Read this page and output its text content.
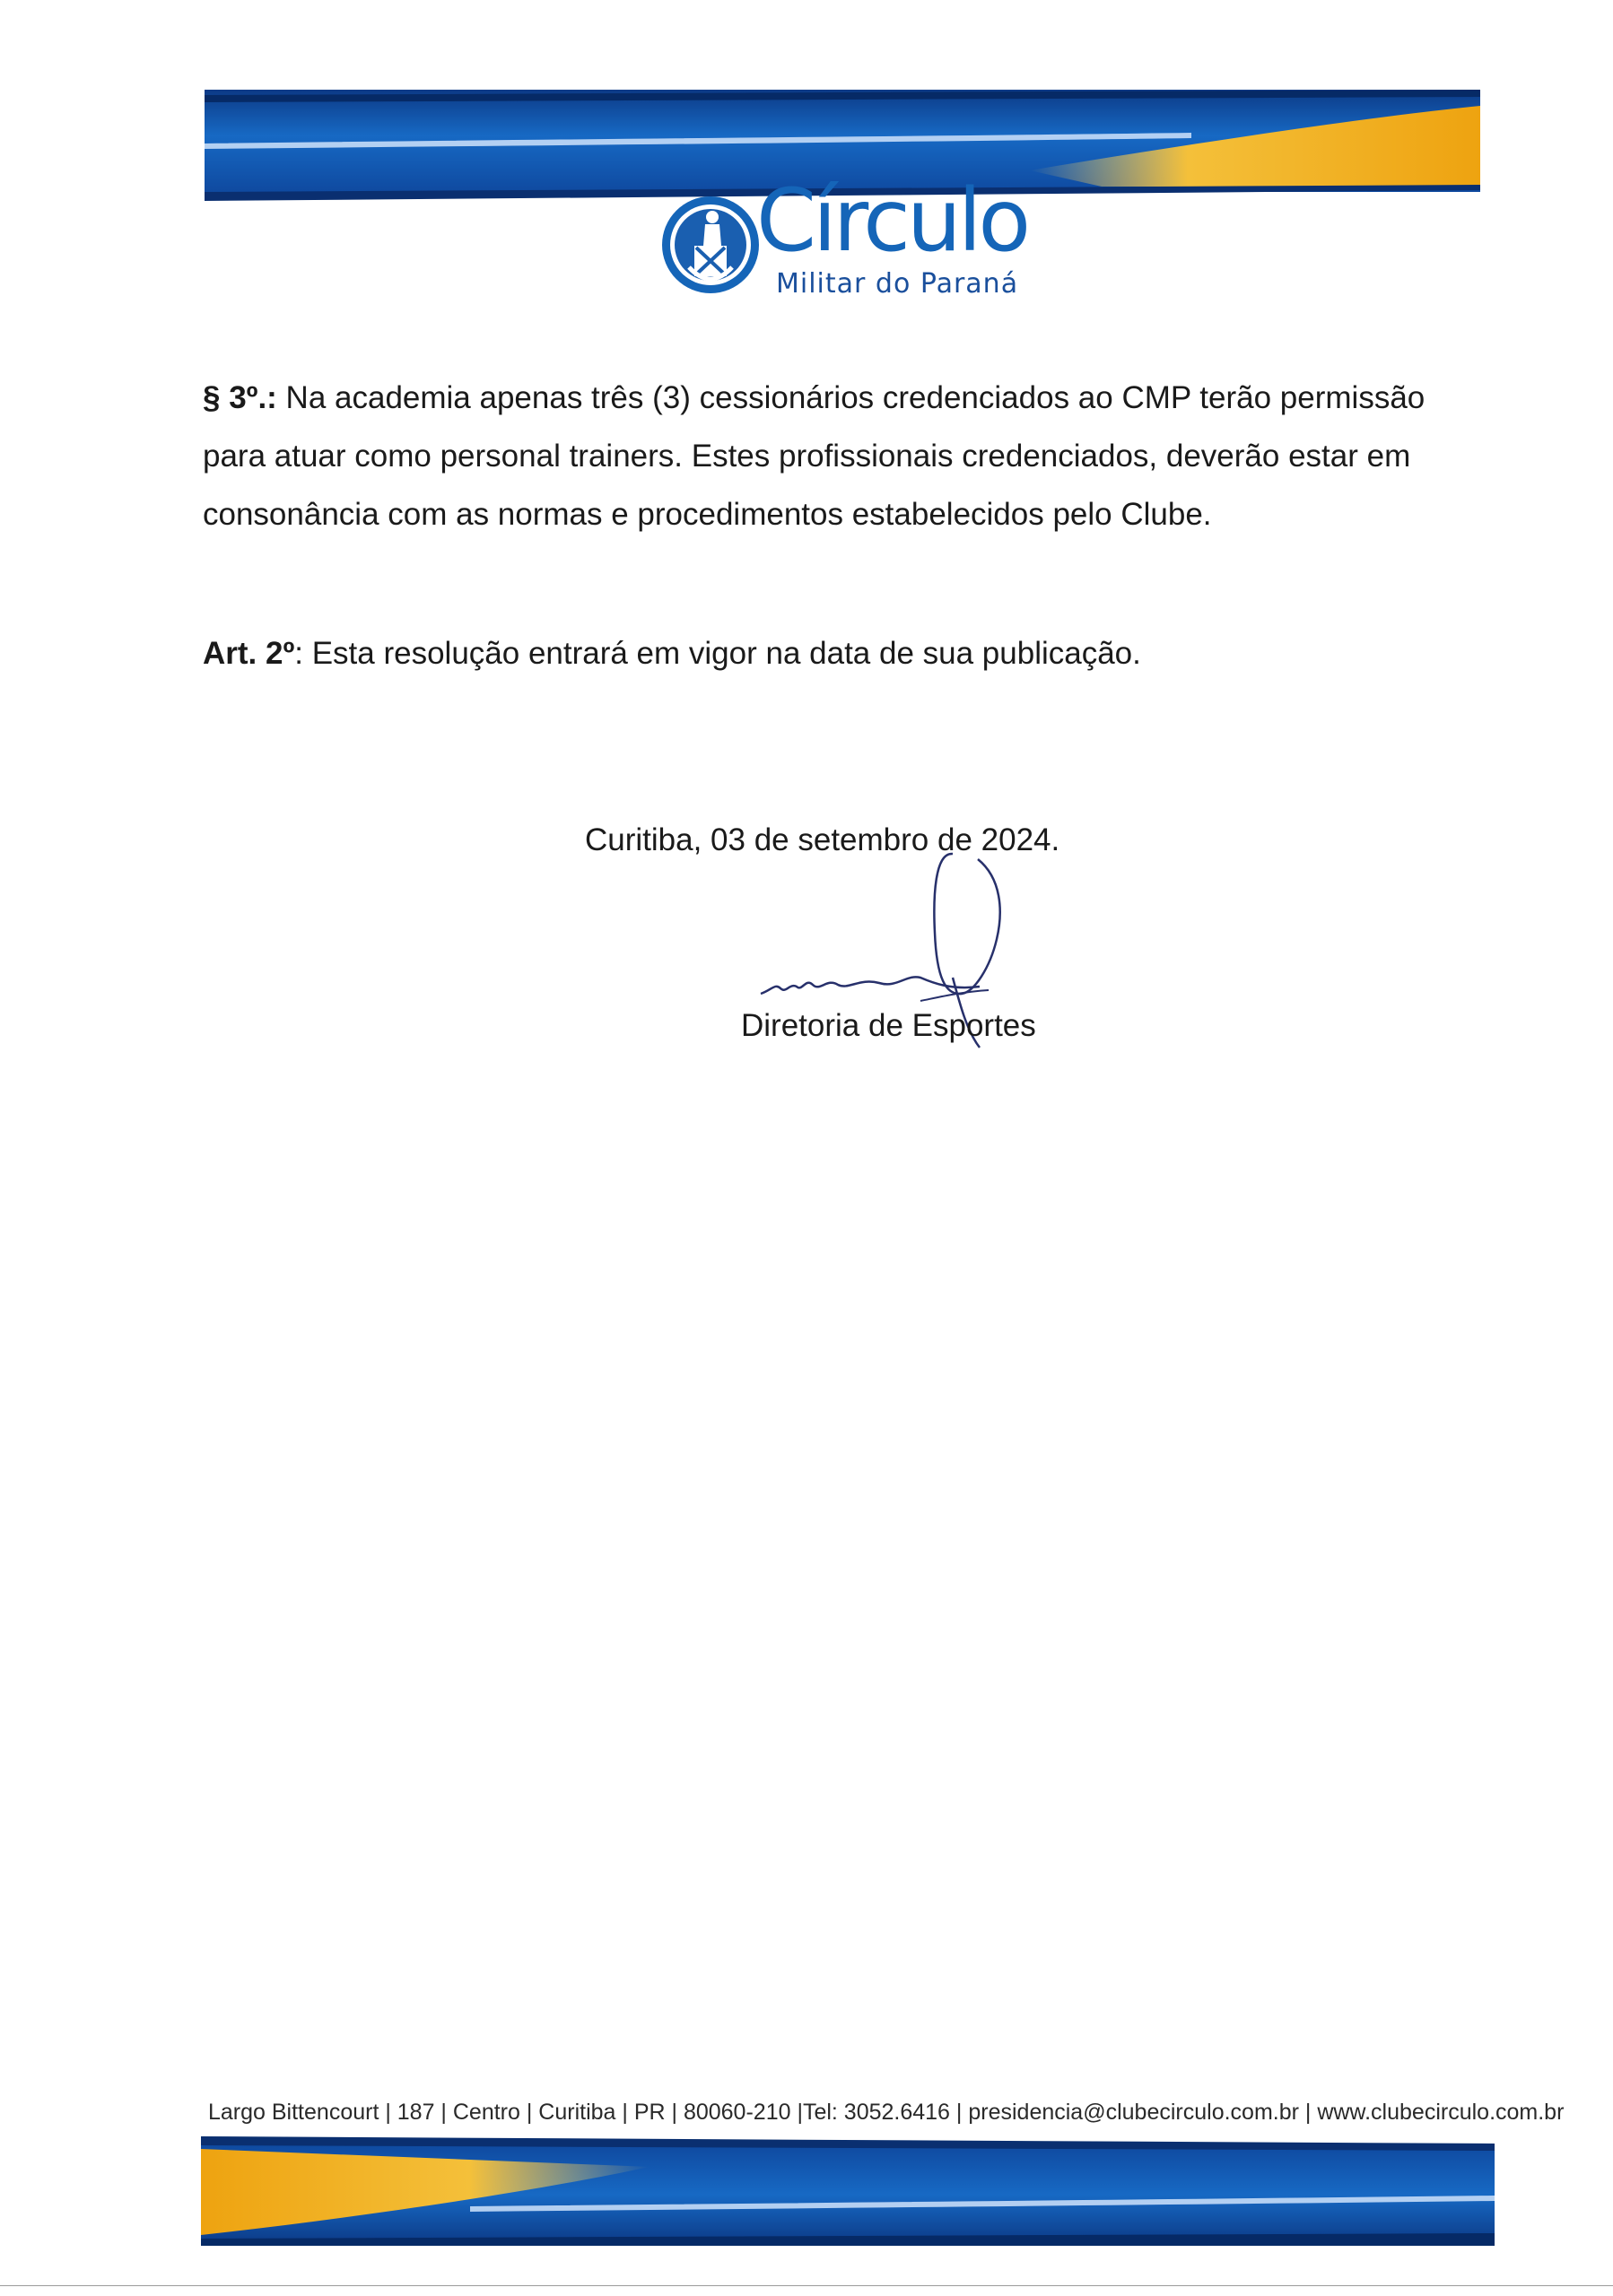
Círculo
Militar do Paraná

§ 3º.: Na academia apenas três (3) cessionários credenciados ao CMP terão permissão para atuar como personal trainers. Estes profissionais credenciados, deverão estar em consonância com as normas e procedimentos estabelecidos pelo Clube.

Art. 2º: Esta resolução entrará em vigor na data de sua publicação.

Curitiba, 03 de setembro de 2024.

Diretoria de Esportes

Largo Bittencourt | 187 | Centro | Curitiba | PR | 80060-210 |Tel: 3052.6416 | presidencia@clubecirculo.com.br | www.clubecirculo.com.br
